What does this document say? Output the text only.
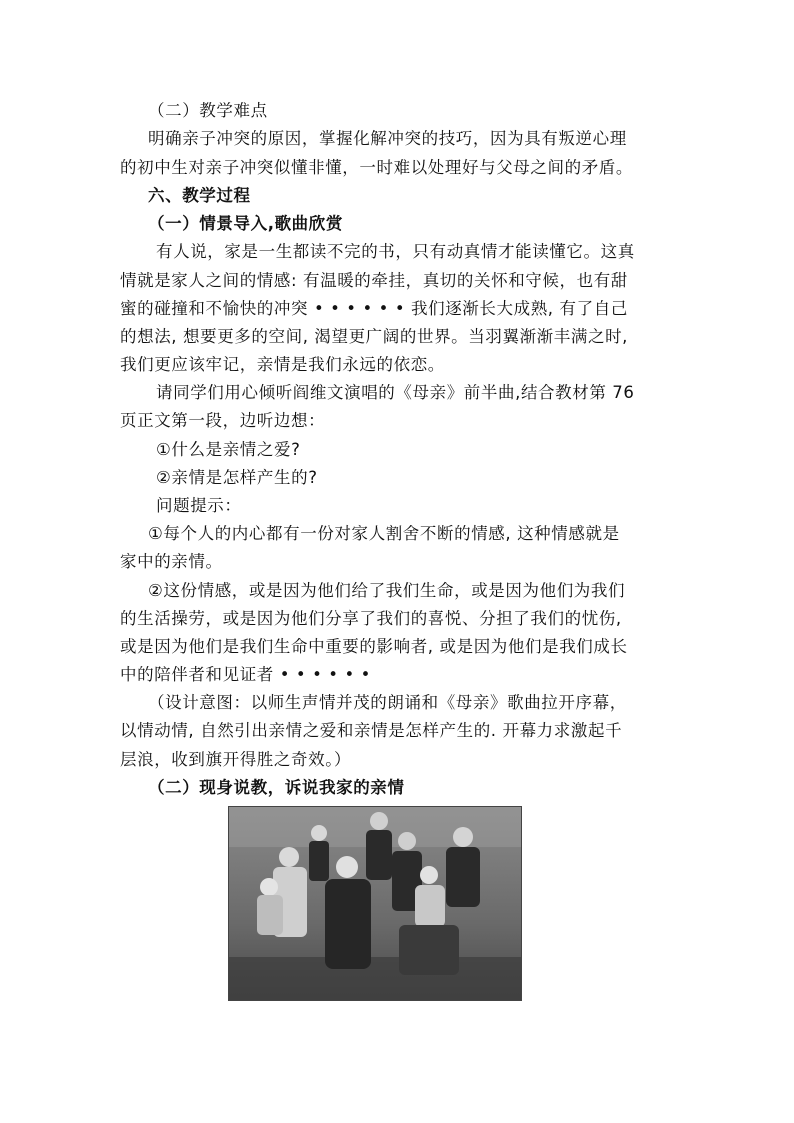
（二）教学难点
明确亲子冲突的原因，掌握化解冲突的技巧，因为具有叛逆心理
的初中生对亲子冲突似懂非懂，一时难以处理好与父母之间的矛盾。
六、教学过程
（一）情景导入,歌曲欣赏
有人说，家是一生都读不完的书，只有动真情才能读懂它。这真
情就是家人之间的情感: 有温暖的牵挂，真切的关怀和守候，也有甜
蜜的碰撞和不愉快的冲突 • • • • • • 我们逐渐长大成熟, 有了自己
的想法, 想要更多的空间, 渴望更广阔的世界。当羽翼渐渐丰满之时,
我们更应该牢记，亲情是我们永远的依恋。
请同学们用心倾听阎维文演唱的《母亲》前半曲,结合教材第 76
页正文第一段，边听边想：
①什么是亲情之爱?
②亲情是怎样产生的?
问题提示：
①每个人的内心都有一份对家人割舍不断的情感, 这种情感就是
家中的亲情。
②这份情感，或是因为他们给了我们生命，或是因为他们为我们
的生活操劳，或是因为他们分享了我们的喜悦、分担了我们的忧伤,
或是因为他们是我们生命中重要的影响者, 或是因为他们是我们成长
中的陪伴者和见证者 • • • • • •
（设计意图：以师生声情并茂的朗诵和《母亲》歌曲拉开序幕，
以情动情, 自然引出亲情之爱和亲情是怎样产生的. 开幕力求激起千
层浪，收到旗开得胜之奇效。）
（二）现身说教，诉说我家的亲情
